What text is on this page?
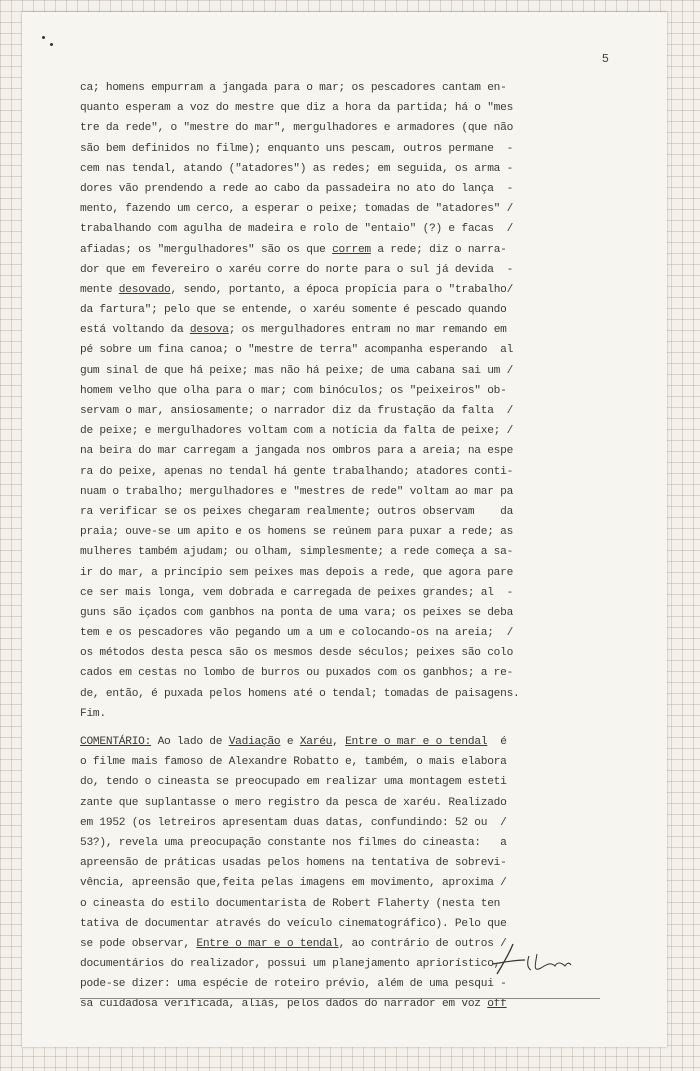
5
ca; homens empurram a jangada para o mar; os pescadores cantam en-
quanto esperam a voz do mestre que diz a hora da partida; há o "mes
tre da rede", o "mestre do mar", mergulhadores e armadores (que não
são bem definidos no filme); enquanto uns pescam, outros permane  -
cem nas tendal, atando ("atadores") as redes; em seguida, os arma -
dores vão prendendo a rede ao cabo da passadeira no ato do lança  -
mento, fazendo um cerco, a esperar o peixe; tomadas de "atadores" /
trabalhando com agulha de madeira e rolo de "entaio" (?) e facas  /
afiadas; os "mergulhadores" são os que correm a rede; diz o narra-
dor que em fevereiro o xaréu corre do norte para o sul já devida  -
mente desovado, sendo, portanto, a época propícia para o "trabalho/
da fartura"; pelo que se entende, o xaréu somente é pescado quando
está voltando da desova; os mergulhadores entram no mar remando em
pé sobre um fina canoa; o "mestre de terra" acompanha esperando  al
gum sinal de que há peixe; mas não há peixe; de uma cabana sai um /
homem velho que olha para o mar; com binóculos; os "peixeiros" ob-
servam o mar, ansiosamente; o narrador diz da frustação da falta  /
de peixe; e mergulhadores voltam com a notícia da falta de peixe; /
na beira do mar carregam a jangada nos ombros para a areia; na espe
ra do peixe, apenas no tendal há gente trabalhando; atadores conti-
nuam o trabalho; mergulhadores e "mestres de rede" voltam ao mar pa
ra verificar se os peixes chegaram realmente; outros observam    da
praia; ouve-se um apito e os homens se reúnem para puxar a rede; as
mulheres também ajudam; ou olham, simplesmente; a rede começa a sa-
ir do mar, a princípio sem peixes mas depois a rede, que agora pare
ce ser mais longa, vem dobrada e carregada de peixes grandes; al  -
guns são içados com ganbhos na ponta de uma vara; os peixes se deba
tem e os pescadores vão pegando um a um e colocando-os na areia;  /
os métodos desta pesca são os mesmos desde séculos; peixes são colo
cados em cestas no lombo de burros ou puxados com os ganbhos; a re-
de, então, é puxada pelos homens até o tendal; tomadas de paisagens.
Fim.
COMENTÁRIO: Ao lado de Vadiação e Xaréu, Entre o mar e o tendal  é
o filme mais famoso de Alexandre Robatto e, também, o mais elabora
do, tendo o cineasta se preocupado em realizar uma montagem esteti
zante que suplantasse o mero registro da pesca de xaréu. Realizado
em 1952 (os letreiros apresentam duas datas, confundindo: 52 ou  /
53?), revela uma preocupação constante nos filmes do cineasta:   a
apreensão de práticas usadas pelos homens na tentativa de sobrevi-
vência, apreensão que,feita pelas imagens em movimento, aproxima /
o cineasta do estilo documentarista de Robert Flaherty (nesta ten
tativa de documentar através do veículo cinematográfico). Pelo que
se pode observar, Entre o mar e o tendal, ao contrário de outros /
documentários do realizador, possui um planejamento apriorístico,
pode-se dizer: uma espécie de roteiro prévio, além de uma pesqui -
sa cuidadosa verificada, aliás, pelos dados do narrador em voz off
